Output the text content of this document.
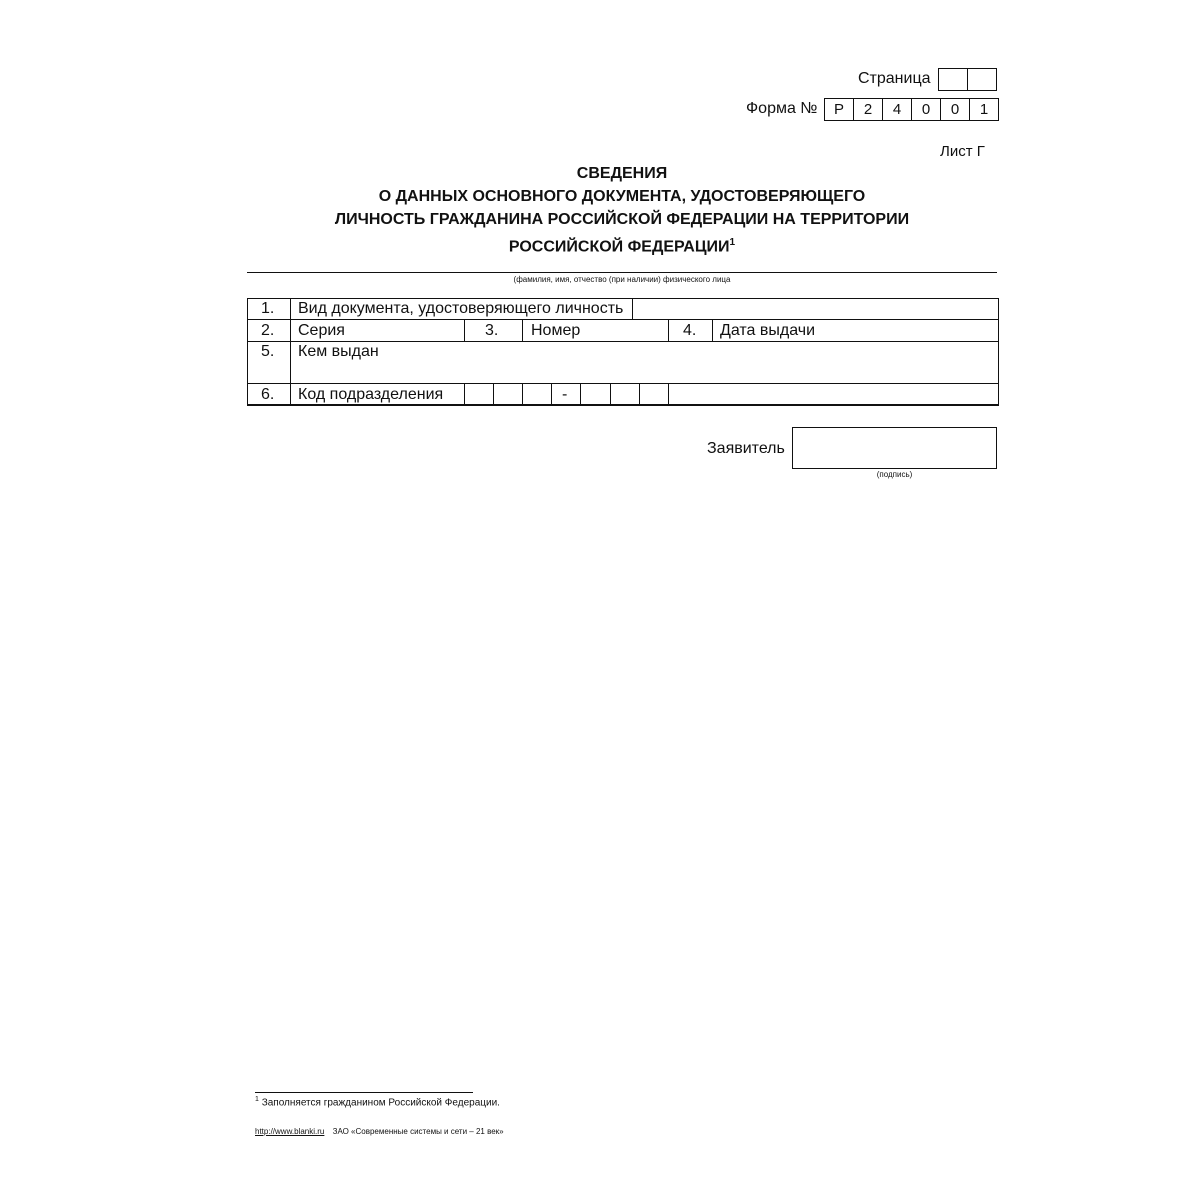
Страница
Форма №	Р	2	4	0	0	1
Лист Г
СВЕДЕНИЯ
О ДАННЫХ ОСНОВНОГО ДОКУМЕНТА, УДОСТОВЕРЯЮЩЕГО
ЛИЧНОСТЬ ГРАЖДАНИНА РОССИЙСКОЙ ФЕДЕРАЦИИ НА ТЕРРИТОРИИ
РОССИЙСКОЙ ФЕДЕРАЦИИ$^1$
(фамилия, имя, отчество (при наличии) физического лица
1. Вид документа, удостоверяющего личность
2. Серия	3. Номер	4. Дата выдачи
5. Кем выдан
6. Код подразделения	-
Заявитель
(подпись)
$^1$ Заполняется гражданином Российской Федерации.
http://www.blanki.ru ЗАО «Современные системы и сети – 21 век»
